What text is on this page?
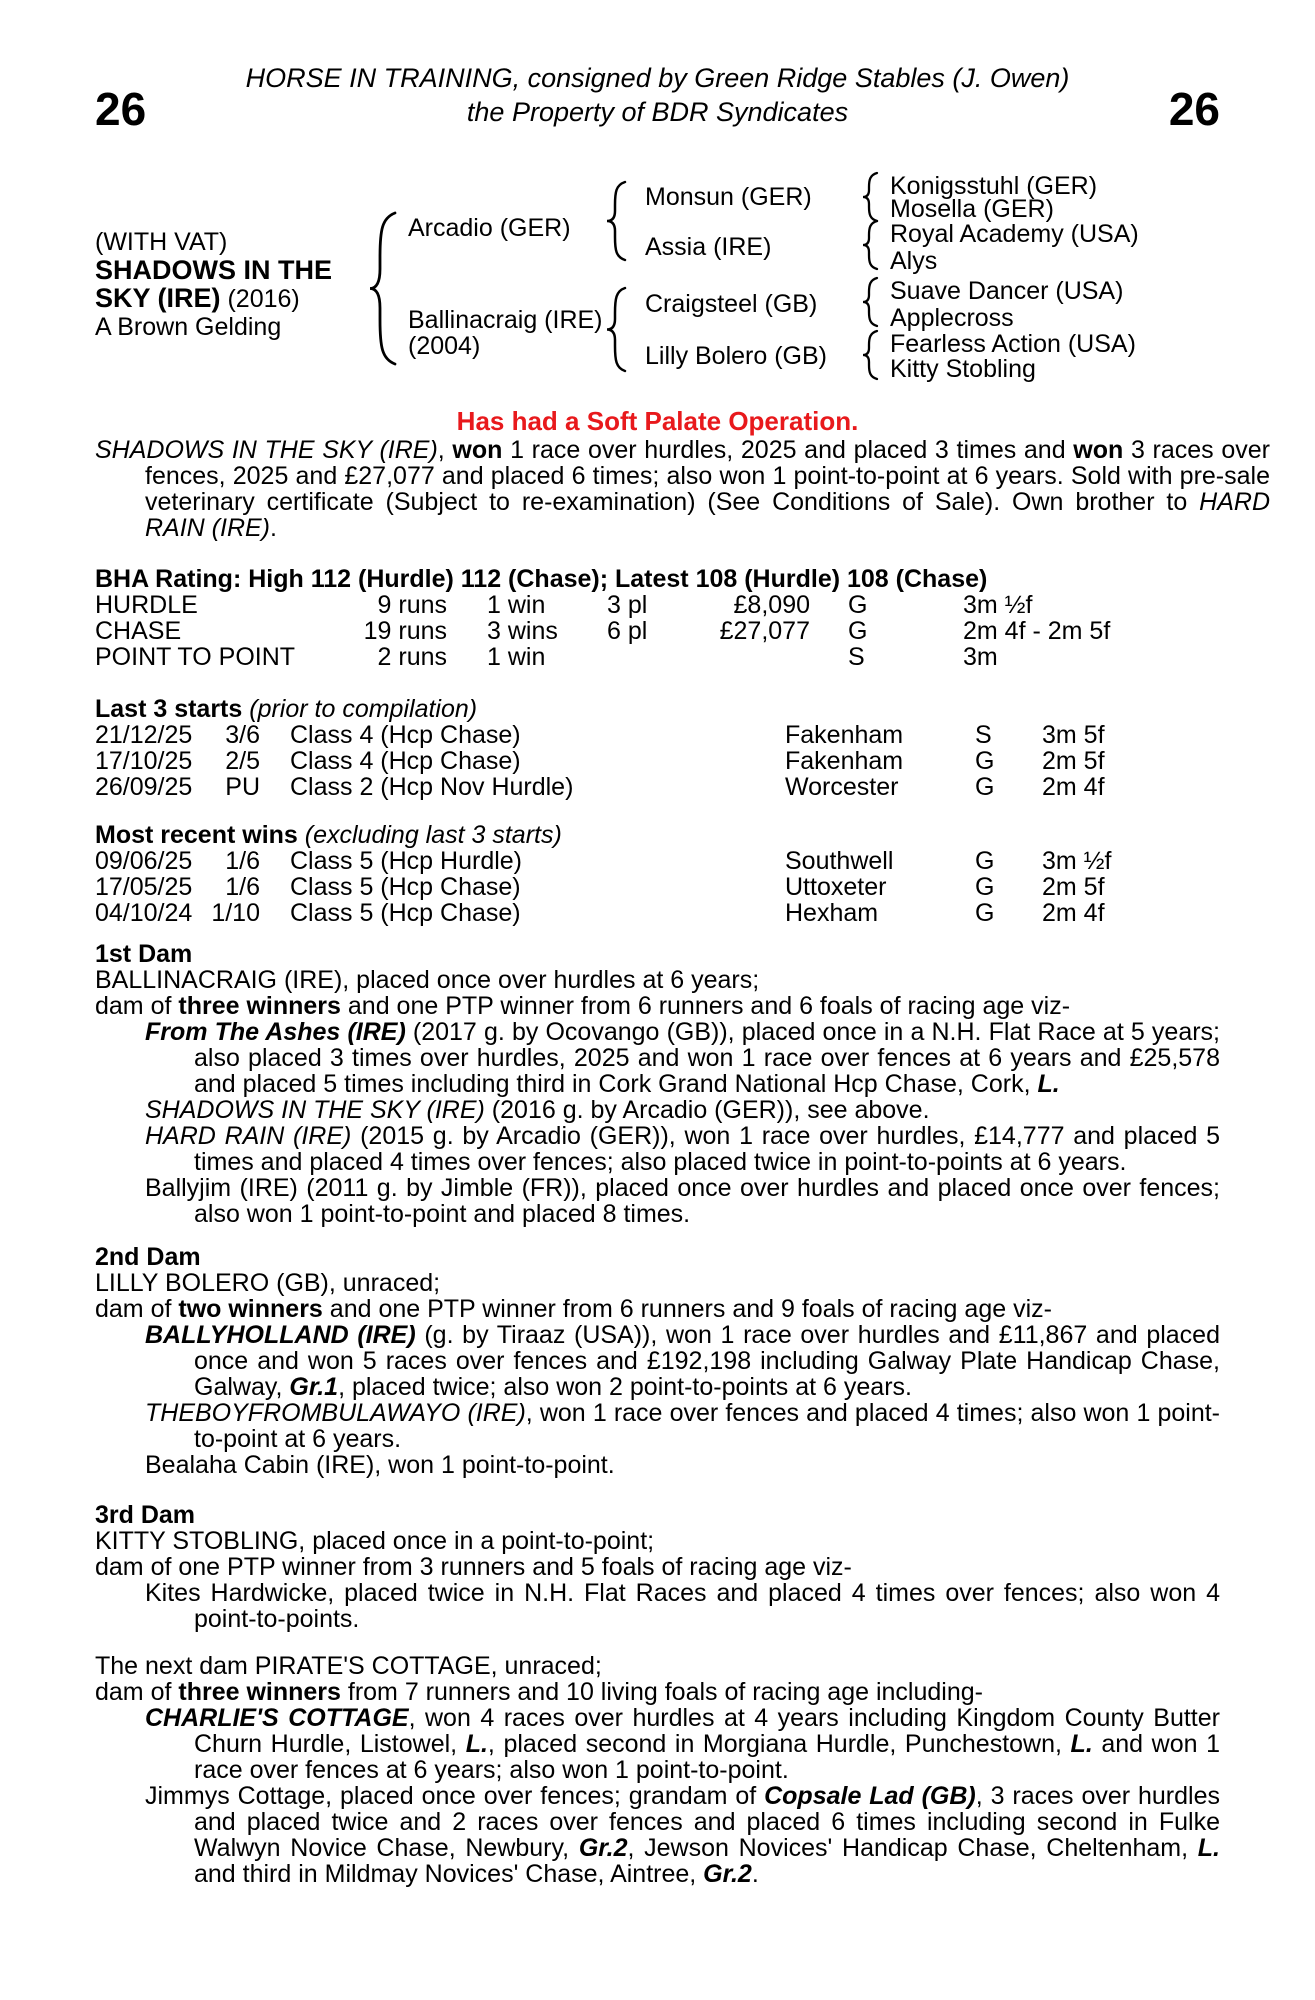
26	26
HORSE IN TRAINING, consigned by Green Ridge Stables (J. Owen)
the Property of BDR Syndicates
(WITH VAT)
SHADOWS IN THE
SKY (IRE) (2016)
A Brown Gelding
Arcadio (GER)
Ballinacraig (IRE)
(2004)
Monsun (GER)
Assia (IRE)
Craigsteel (GB)
Lilly Bolero (GB)
Konigsstuhl (GER)
Mosella (GER)
Royal Academy (USA)
Alys
Suave Dancer (USA)
Applecross
Fearless Action (USA)
Kitty Stobling
Has had a Soft Palate Operation.
SHADOWS IN THE SKY (IRE), won 1 race over hurdles, 2025 and placed 3 times and won 3 races over fences, 2025 and £27,077 and placed 6 times; also won 1 point-to-point at 6 years. Sold with pre-sale veterinary certificate (Subject to re-examination) (See Conditions of Sale). Own brother to HARD RAIN (IRE).
BHA Rating: High 112 (Hurdle) 112 (Chase); Latest 108 (Hurdle) 108 (Chase)
HURDLE	9 runs 1 win 3 pl	£8,090 G	3m ½f
CHASE	19 runs 3 wins 6 pl	£27,077 G	2m 4f - 2m 5f
POINT TO POINT	2 runs 1 win	S	3m
Last 3 starts (prior to compilation)
21/12/25	3/6 Class 4 (Hcp Chase)	Fakenham	S 3m 5f
17/10/25	2/5 Class 4 (Hcp Chase)	Fakenham	G 2m 5f
26/09/25	PU Class 2 (Hcp Nov Hurdle)	Worcester	G 2m 4f
Most recent wins (excluding last 3 starts)
09/06/25	1/6 Class 5 (Hcp Hurdle)	Southwell	G 3m ½f
17/05/25	1/6 Class 5 (Hcp Chase)	Uttoxeter	G 2m 5f
04/10/24 1/10 Class 5 (Hcp Chase)	Hexham	G 2m 4f
1st Dam
BALLINACRAIG (IRE), placed once over hurdles at 6 years;
dam of three winners and one PTP winner from 6 runners and 6 foals of racing age viz-
From The Ashes (IRE) (2017 g. by Ocovango (GB)), placed once in a N.H. Flat Race at 5 years; also placed 3 times over hurdles, 2025 and won 1 race over fences at 6 years and £25,578 and placed 5 times including third in Cork Grand National Hcp Chase, Cork, L.
SHADOWS IN THE SKY (IRE) (2016 g. by Arcadio (GER)), see above.
HARD RAIN (IRE) (2015 g. by Arcadio (GER)), won 1 race over hurdles, £14,777 and placed 5 times and placed 4 times over fences; also placed twice in point-to-points at 6 years.
Ballyjim (IRE) (2011 g. by Jimble (FR)), placed once over hurdles and placed once over fences; also won 1 point-to-point and placed 8 times.
2nd Dam
LILLY BOLERO (GB), unraced;
dam of two winners and one PTP winner from 6 runners and 9 foals of racing age viz-
BALLYHOLLAND (IRE) (g. by Tiraaz (USA)), won 1 race over hurdles and £11,867 and placed once and won 5 races over fences and £192,198 including Galway Plate Handicap Chase, Galway, Gr.1, placed twice; also won 2 point-to-points at 6 years.
THEBOYFROMBULAWAYO (IRE), won 1 race over fences and placed 4 times; also won 1 point-to-point at 6 years.
Bealaha Cabin (IRE), won 1 point-to-point.
3rd Dam
KITTY STOBLING, placed once in a point-to-point;
dam of one PTP winner from 3 runners and 5 foals of racing age viz-
Kites Hardwicke, placed twice in N.H. Flat Races and placed 4 times over fences; also won 4 point-to-points.
The next dam PIRATE'S COTTAGE, unraced;
dam of three winners from 7 runners and 10 living foals of racing age including-
CHARLIE'S COTTAGE, won 4 races over hurdles at 4 years including Kingdom County Butter Churn Hurdle, Listowel, L., placed second in Morgiana Hurdle, Punchestown, L. and won 1 race over fences at 6 years; also won 1 point-to-point.
Jimmys Cottage, placed once over fences; grandam of Copsale Lad (GB), 3 races over hurdles and placed twice and 2 races over fences and placed 6 times including second in Fulke Walwyn Novice Chase, Newbury, Gr.2, Jewson Novices' Handicap Chase, Cheltenham, L. and third in Mildmay Novices' Chase, Aintree, Gr.2.
